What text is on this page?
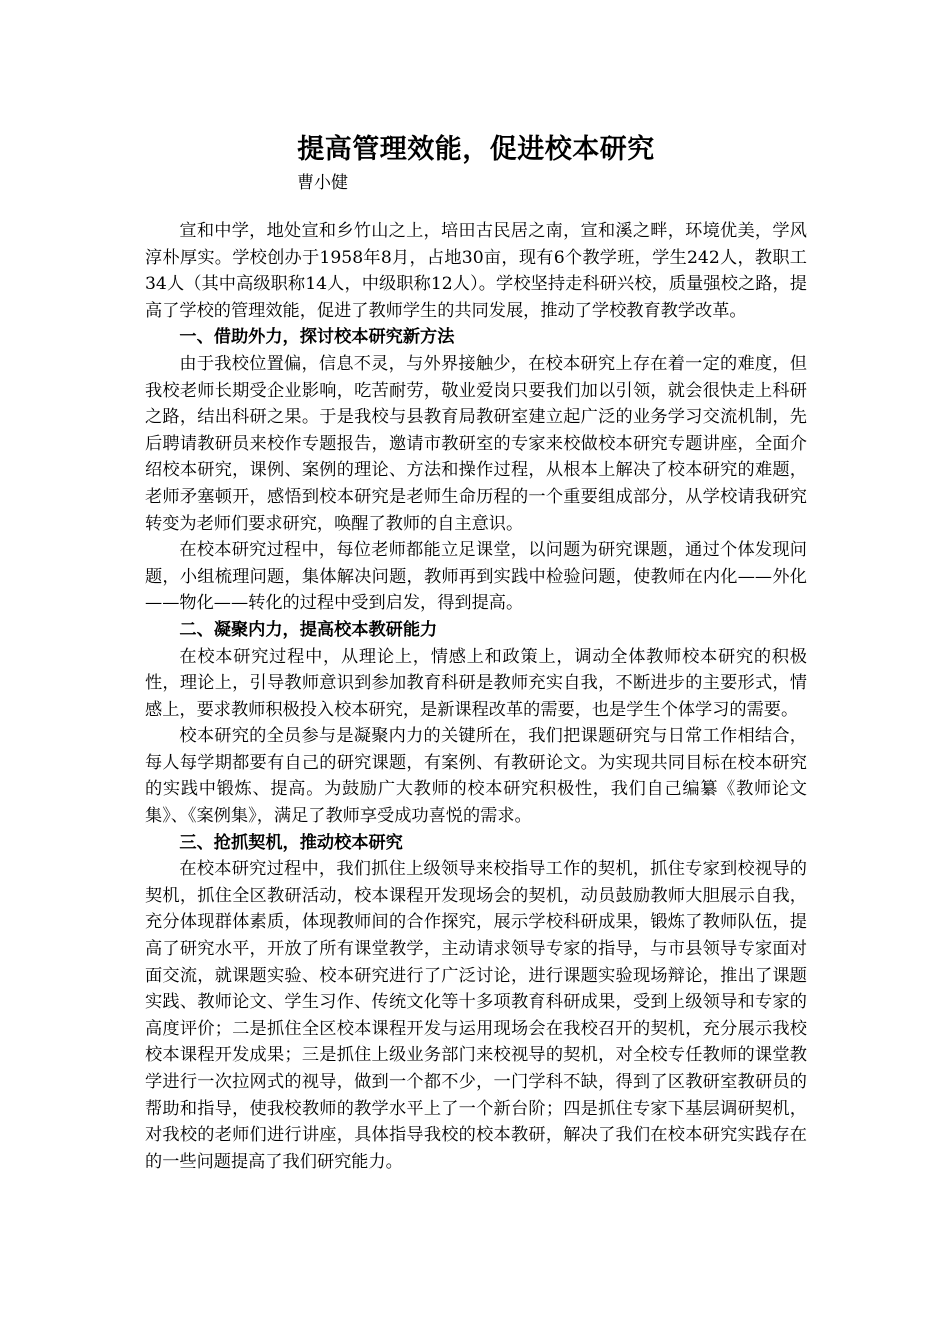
提高管理效能，促进校本研究

曹小健

宣和中学，地处宣和乡竹山之上，培田古民居之南，宣和溪之畔，环境优美，学风淳朴厚实。学校创办于1958年8月，占地30亩，现有6个教学班，学生242人，教职工34人（其中高级职称14人，中级职称12人）。学校坚持走科研兴校，质量强校之路，提高了学校的管理效能，促进了教师学生的共同发展，推动了学校教育教学改革。

一、借助外力，探讨校本研究新方法

由于我校位置偏，信息不灵，与外界接触少，在校本研究上存在着一定的难度，但我校老师长期受企业影响，吃苦耐劳，敬业爱岗只要我们加以引领，就会很快走上科研之路，结出科研之果。于是我校与县教育局教研室建立起广泛的业务学习交流机制，先后聘请教研员来校作专题报告，邀请市教研室的专家来校做校本研究专题讲座，全面介绍校本研究，课例、案例的理论、方法和操作过程，从根本上解决了校本研究的难题，老师矛塞顿开，感悟到校本研究是老师生命历程的一个重要组成部分，从学校请我研究转变为老师们要求研究，唤醒了教师的自主意识。

在校本研究过程中，每位老师都能立足课堂，以问题为研究课题，通过个体发现问题，小组梳理问题，集体解决问题，教师再到实践中检验问题，使教师在内化——外化——物化——转化的过程中受到启发，得到提高。

二、凝聚内力，提高校本教研能力

在校本研究过程中，从理论上，情感上和政策上，调动全体教师校本研究的积极性，理论上，引导教师意识到参加教育科研是教师充实自我，不断进步的主要形式，情感上，要求教师积极投入校本研究，是新课程改革的需要，也是学生个体学习的需要。

校本研究的全员参与是凝聚内力的关键所在，我们把课题研究与日常工作相结合，每人每学期都要有自己的研究课题，有案例、有教研论文。为实现共同目标在校本研究的实践中锻炼、提高。为鼓励广大教师的校本研究积极性，我们自己编纂《教师论文集》、《案例集》，满足了教师享受成功喜悦的需求。

三、抢抓契机，推动校本研究

在校本研究过程中，我们抓住上级领导来校指导工作的契机，抓住专家到校视导的契机，抓住全区教研活动，校本课程开发现场会的契机，动员鼓励教师大胆展示自我，充分体现群体素质，体现教师间的合作探究，展示学校科研成果，锻炼了教师队伍，提高了研究水平，开放了所有课堂教学，主动请求领导专家的指导，与市县领导专家面对面交流，就课题实验、校本研究进行了广泛讨论，进行课题实验现场辩论，推出了课题实践、教师论文、学生习作、传统文化等十多项教育科研成果，受到上级领导和专家的高度评价；二是抓住全区校本课程开发与运用现场会在我校召开的契机，充分展示我校校本课程开发成果；三是抓住上级业务部门来校视导的契机，对全校专任教师的课堂教学进行一次拉网式的视导，做到一个都不少，一门学科不缺，得到了区教研室教研员的帮助和指导，使我校教师的教学水平上了一个新台阶；四是抓住专家下基层调研契机，对我校的老师们进行讲座，具体指导我校的校本教研，解决了我们在校本研究实践存在的一些问题提高了我们研究能力。
